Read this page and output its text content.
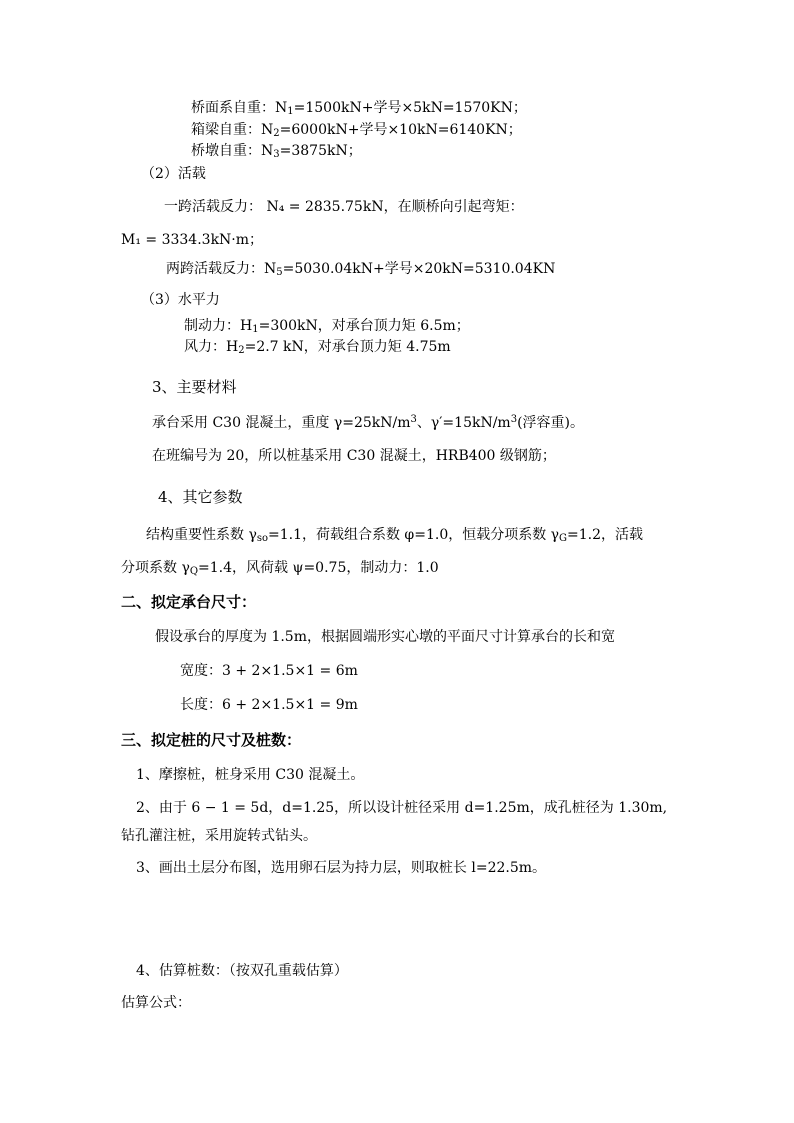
桥面系自重：$N_1=1500kN+$学号×5kN=1570KN；
箱梁自重：$N_2=6000kN+$学号×10kN=6140KN；
桥墩自重：$N_3=3875kN$；
（2）活载
一跨活载反力： N₄ = 2835.75kN，在顺桥向引起弯矩：
M₁ = 3334.3kN·m；
两跨活载反力：$N_5=5030.04kN+$学号×20kN=5310.04KN
（3）水平力
制动力：$H_1=300kN$，对承台顶力矩 6.5m；
风力：$H_2=2.7$ kN，对承台顶力矩 4.75m
3、主要材料
承台采用 C30 混凝土，重度 $\gamma=25kN/m^3$、$\gamma'=15kN/m^3$(浮容重)。
在班编号为 20，所以桩基采用 C30 混凝土，HRB400 级钢筋；
4、其它参数
结构重要性系数 $\gamma_{so}=1.1$，荷载组合系数 φ=1.0，恒载分项系数 $\gamma_G=1.2$，活载
分项系数 $\gamma_Q=1.4$，风荷载 ψ=0.75，制动力：1.0
二、拟定承台尺寸：
假设承台的厚度为 1.5m，根据圆端形实心墩的平面尺寸计算承台的长和宽
宽度：3 + 2×1.5×1 = 6m
长度：6 + 2×1.5×1 = 9m
三、拟定桩的尺寸及桩数：
1、摩擦桩，桩身采用 C30 混凝土。
2、由于 6 − 1 = 5d，d=1.25，所以设计桩径采用 d=1.25m，成孔桩径为 1.30m,
钻孔灌注桩，采用旋转式钻头。
3、画出土层分布图，选用卵石层为持力层，则取桩长 l=22.5m。
4、估算桩数：（按双孔重载估算）
估算公式：
